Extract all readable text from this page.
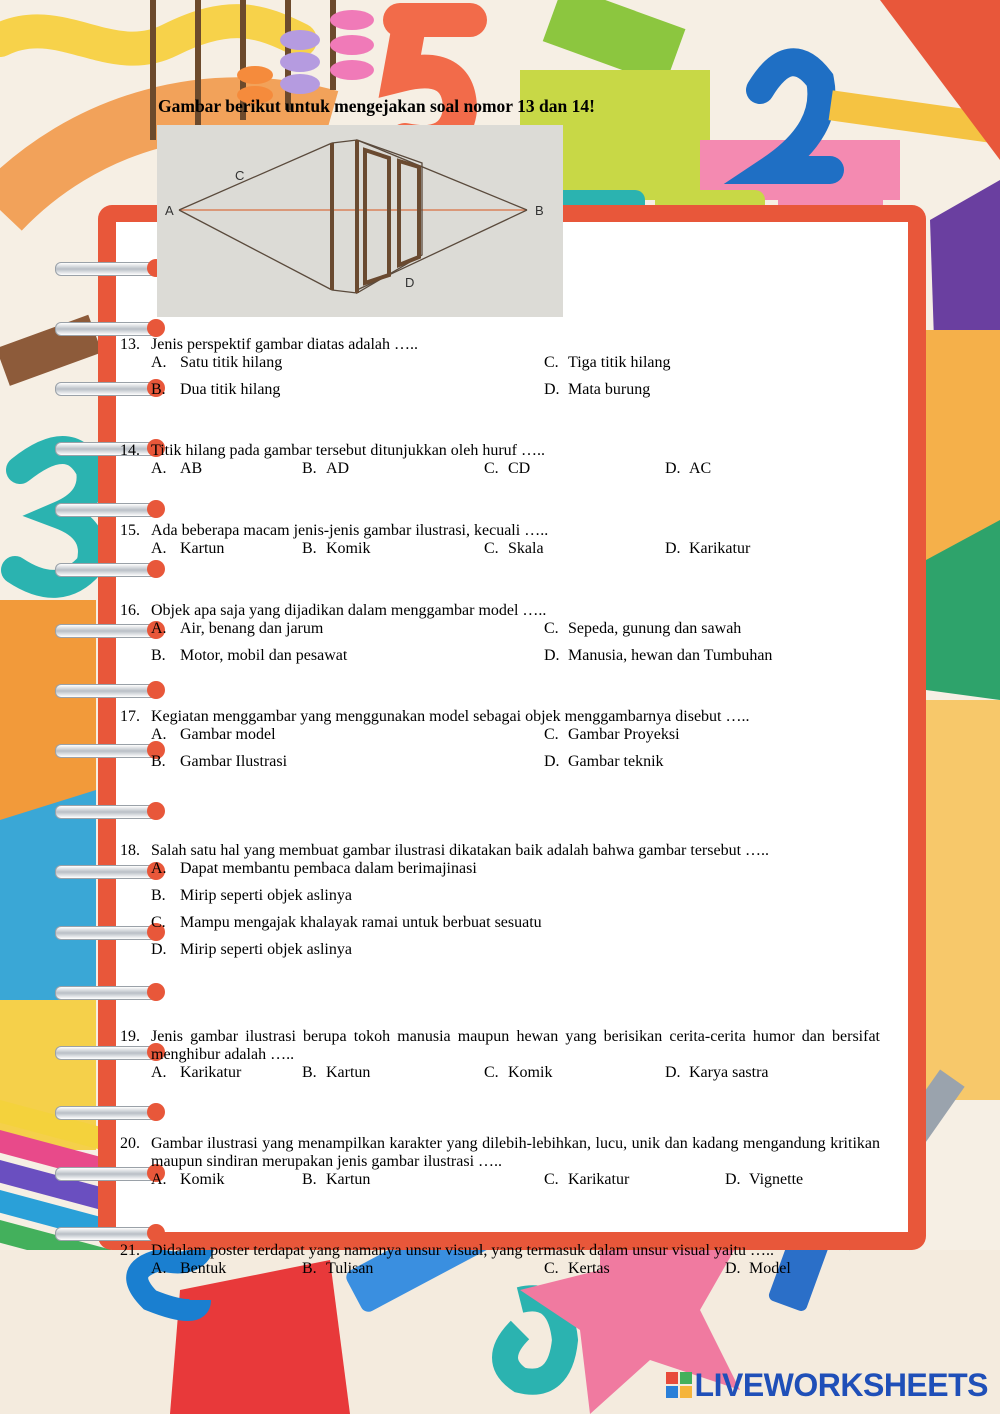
Gambar berikut untuk mengejakan soal nomor 13 dan 14!
A	B
C
D
13. Jenis perspektif gambar diatas adalah …..
A. Satu titik hilang	C. Tiga titik hilang
B. Dua titik hilang	D. Mata burung
14. Titik hilang pada gambar tersebut ditunjukkan oleh huruf …..
A. AB	B. AD	C. CD	D. AC
15. Ada beberapa macam jenis-jenis gambar ilustrasi, kecuali …..
A. Kartun	B. Komik	C. Skala	D. Karikatur
16. Objek apa saja yang dijadikan dalam menggambar model …..
A. Air, benang dan jarum	C. Sepeda, gunung dan sawah
B. Motor, mobil dan pesawat	D. Manusia, hewan dan Tumbuhan
17. Kegiatan menggambar yang menggunakan model sebagai objek menggambarnya disebut …..
A. Gambar model	C. Gambar Proyeksi
B. Gambar Ilustrasi	D. Gambar teknik
18. Salah satu hal yang membuat gambar ilustrasi dikatakan baik adalah bahwa gambar tersebut …..
A. Dapat membantu pembaca dalam berimajinasi
B. Mirip seperti objek aslinya
C. Mampu mengajak khalayak ramai untuk berbuat sesuatu
D. Mirip seperti objek aslinya
19. Jenis gambar ilustrasi berupa tokoh manusia maupun hewan yang berisikan cerita-cerita humor dan bersifat menghibur adalah …..
A. Karikatur	B. Kartun	C. Komik	D. Karya sastra
20. Gambar ilustrasi yang menampilkan karakter yang dilebih-lebihkan, lucu, unik dan kadang mengandung kritikan maupun sindiran merupakan jenis gambar ilustrasi …..
A. Komik	B. Kartun	C. Karikatur	D. Vignette
21. Didalam poster terdapat yang namanya unsur visual, yang termasuk dalam unsur visual yaitu …..
A. Bentuk	B. Tulisan	C. Kertas	D. Model
LIVEWORKSHEETS
